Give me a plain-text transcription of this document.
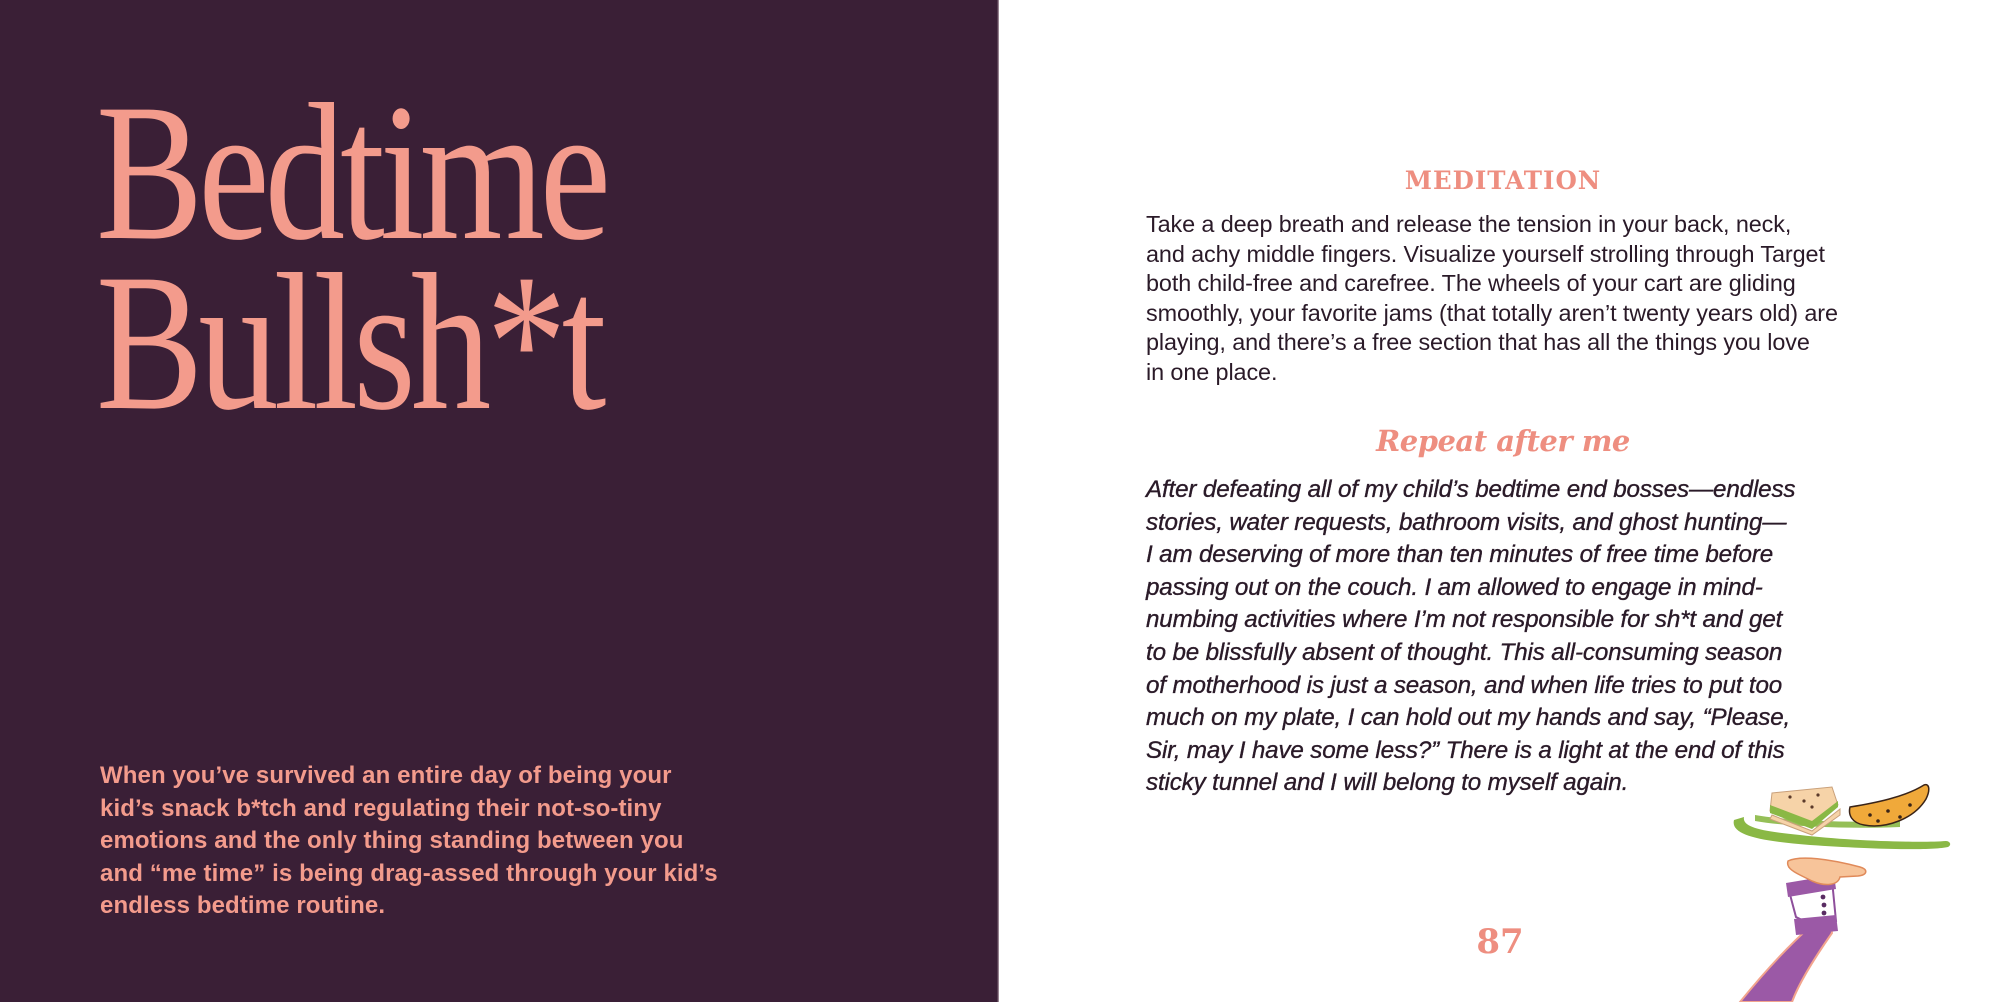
Bedtime
Bullsh*t
When you’ve survived an entire day of being your
kid’s snack b*tch and regulating their not-so-tiny
emotions and the only thing standing between you
and “me time” is being drag-assed through your kid’s
endless bedtime routine.
MEDITATION
Take a deep breath and release the tension in your back, neck,
and achy middle fingers. Visualize yourself strolling through Target
both child-free and carefree. The wheels of your cart are gliding
smoothly, your favorite jams (that totally aren’t twenty years old) are
playing, and there’s a free section that has all the things you love
in one place.
Repeat after me
After defeating all of my child’s bedtime end bosses—endless
stories, water requests, bathroom visits, and ghost hunting—
I am deserving of more than ten minutes of free time before
passing out on the couch. I am allowed to engage in mind-
numbing activities where I’m not responsible for sh*t and get
to be blissfully absent of thought. This all-consuming season
of motherhood is just a season, and when life tries to put too
much on my plate, I can hold out my hands and say, “Please,
Sir, may I have some less?” There is a light at the end of this
sticky tunnel and I will belong to myself again.
87
